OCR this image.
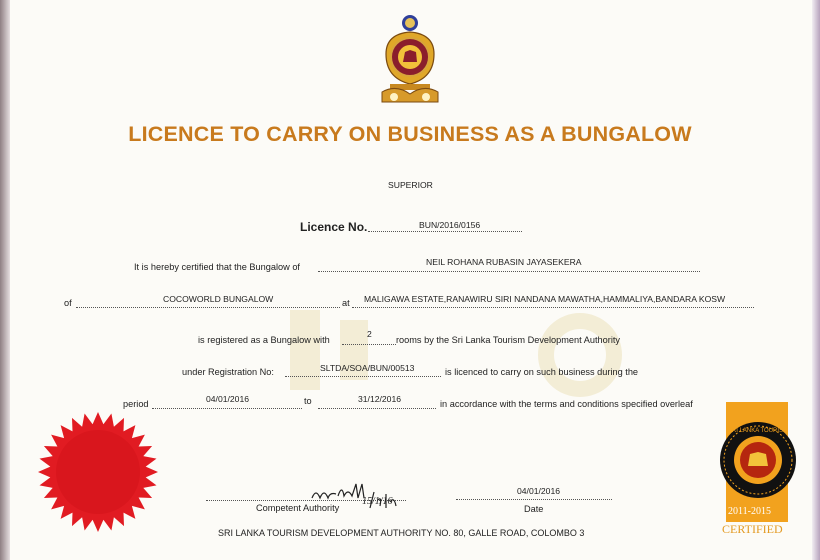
LICENCE TO CARRY ON BUSINESS AS A BUNGALOW
SUPERIOR
Licence No.	BUN/2016/0156
It is hereby certified that the Bungalow of	NEIL ROHANA RUBASIN JAYASEKERA
of	COCOWORLD BUNGALOW	at MALIGAWA ESTATE,RANAWIRU SIRI NANDANA MAWATHA,HAMMALIYA,BANDARA KOSW
is registered as a Bungalow with
2
rooms by the Sri Lanka Tourism Development Authority
under Registration No:	SLTDA/SOA/BUN/00513	is licenced to carry on such business during the
period	04/01/2016	to	31/12/2016	in accordance with the terms and conditions specified overleaf
15/1/16
Competent Authority
04/01/2016
Date
SRI LANKA TOURISM DEVELOPMENT AUTHORITY NO. 80, GALLE ROAD, COLOMBO 3
SRI LANKA TOURISM
2011-2015
CERTIFIED
